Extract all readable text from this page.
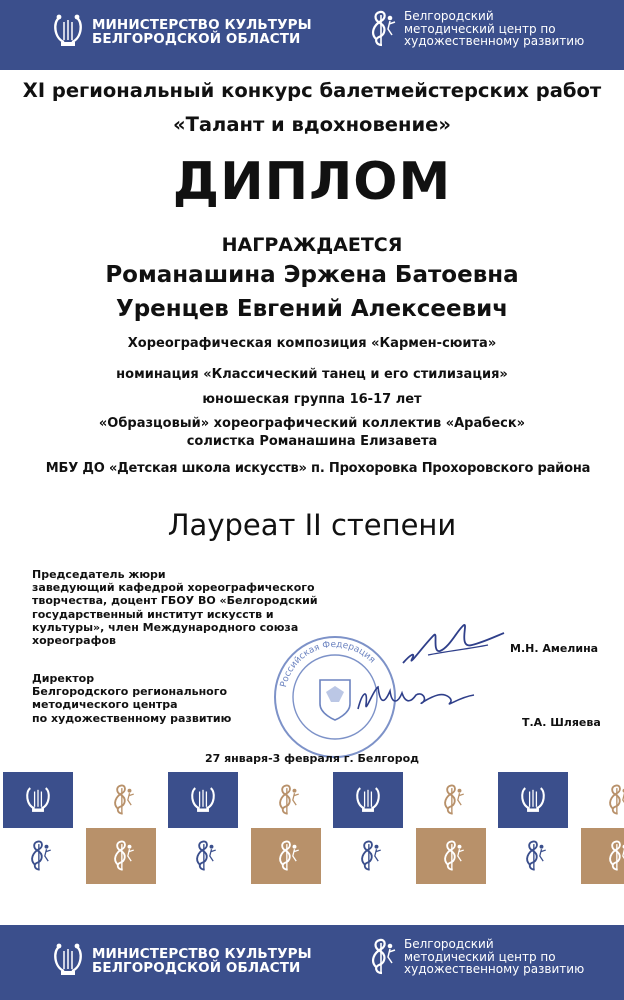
МИНИСТЕРСТВО КУЛЬТУРЫ
БЕЛГОРОДСКОЙ ОБЛАСТИ
Белгородский
методический центр по
художественному развитию
XI региональный конкурс балетмейстерских работ
«Талант и вдохновение»
ДИПЛОМ
НАГРАЖДАЕТСЯ
Романашина Эржена Батоевна
Уренцев Евгений Алексеевич
Хореографическая композиция «Кармен-сюита»
номинация «Классический танец и его стилизация»
юношеская группа 16-17 лет
«Образцовый» хореографический коллектив «Арабеск»
солистка Романашина Елизавета
МБУ ДО «Детская школа искусств» п. Прохоровка Прохоровского района
Лауреат II степени
Российская Федерация
Председатель жюри
заведующий кафедрой хореографического
творчества, доцент ГБОУ ВО «Белгородский
государственный институт искусств и
культуры», член Международного союза
хореографов
М.Н. Амелина
Директор
Белгородского регионального
методического центра
по художественному развитию	Т.А. Шляева
27 января-3 февраля г. Белгород
МИНИСТЕРСТВО КУЛЬТУРЫ
БЕЛГОРОДСКОЙ ОБЛАСТИ
Белгородский
методический центр по
художественному развитию
